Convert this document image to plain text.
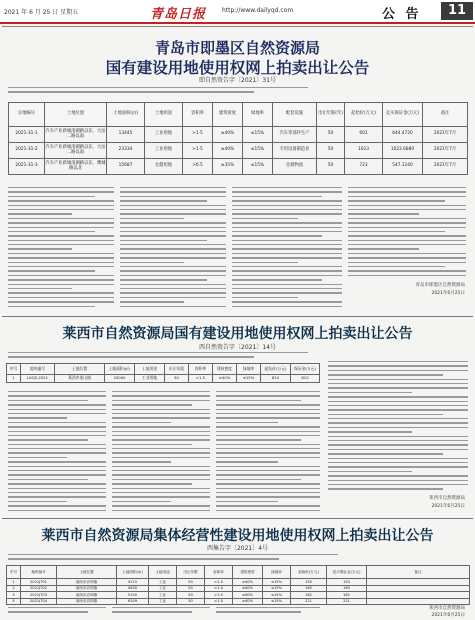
2021 年 6 月 25 日 星期五	青岛日报	http://www.dailyqd.com	公 告	11
青岛市即墨区自然资源局
国有建设用地使用权网上拍卖出让公告
即自然资告字〔2021〕31号
宗地编号	土地位置	土地面积(㎡)	土地用途	容积率	建筑密度	绿地率	配套设施	出让年限(年)	起始价(万元)	竞买保证金(万元)	备注
2021-31-1	汽车产业新城清湖路以东、大沽二路以南	13445	工业用地	>1.5	≥40%	≤15%	汽车零部件生产	50	601	644.4720	2021年7月
2021-31-2	汽车产业新城清湖路以东、大沽二路以南	23334	工业用地	>1.5	≥40%	≤15%	专用设备制造业	50	1023	1022.6880	2021年7月
2021-31-3	汽车产业新城清湖路以东、鹰城路以北	15687	仓储用地	>0.5	≥35%	≤15%	仓储物流	50	723	547.1240	2021年7月
青岛市即墨区自然资源局
2021年6月25日
莱西市自然资源局国有建设用地使用权网上拍卖出让公告
西自然资告字〔2021〕14号
序号	地块编号	土地位置	土地面积(㎡)	土地用途	出让年限	容积率	建筑密度	绿地率	起始价(万元)	保证金(万元)
1	LXQS-2021	莱西市姜山镇	20000	工业用地	50	>1.5	≥40%	≤15%	810	810
莱西市自然资源局
2021年6月25日
莱西市自然资源局集体经营性建设用地使用权网上拍卖出让公告
西集告字〔2021〕4号
序号	地块编号	土地位置	土地面积(㎡)	土地用途	出让年限	容积率	建筑密度	绿地率	起始价(万元)	竞买保证金(万元)	备注
1	2021JT01	莱西市店埠镇	4215	工业	50	>1.0	≥40%	≤15%	150	150	
2	2021JT02	莱西市店埠镇	4630	工业	50	>1.0	≥40%	≤15%	165	165	
3	2021JT03	莱西市店埠镇	5100	工业	50	>1.0	≥40%	≤15%	182	182	
4	2021JT04	莱西市店埠镇	6209	工业	50	>1.0	≥40%	≤15%	221	221	
莱西市自然资源局
2021年6月25日
